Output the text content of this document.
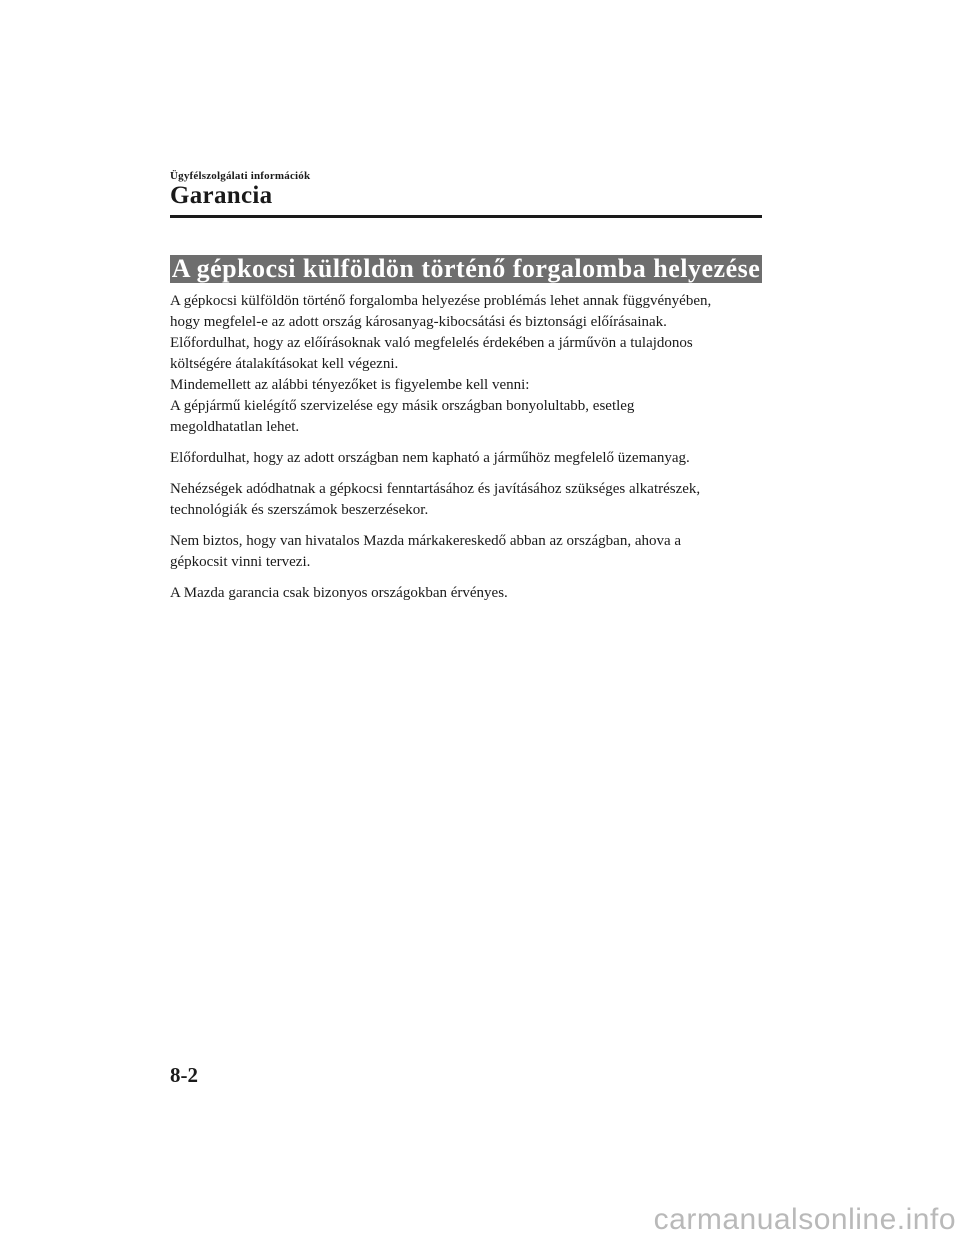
Ügyfélszolgálati információk
Garancia
A gépkocsi külföldön történő forgalomba helyezése

A gépkocsi külföldön történő forgalomba helyezése problémás lehet annak függvényében,

hogy megfelel-e az adott ország károsanyag-kibocsátási és biztonsági előírásainak.

Előfordulhat, hogy az előírásoknak való megfelelés érdekében a járművön a tulajdonos

költségére átalakításokat kell végezni.

Mindemellett az alábbi tényezőket is figyelembe kell venni:

A gépjármű kielégítő szervizelése egy másik országban bonyolultabb, esetleg

megoldhatatlan lehet.

Előfordulhat, hogy az adott országban nem kapható a járműhöz megfelelő üzemanyag.

Nehézségek adódhatnak a gépkocsi fenntartásához és javításához szükséges alkatrészek,

technológiák és szerszámok beszerzésekor.

Nem biztos, hogy van hivatalos Mazda márkakereskedő abban az országban, ahova a

gépkocsit vinni tervezi.

A Mazda garancia csak bizonyos országokban érvényes.

8-2
carmanualsonline.info
